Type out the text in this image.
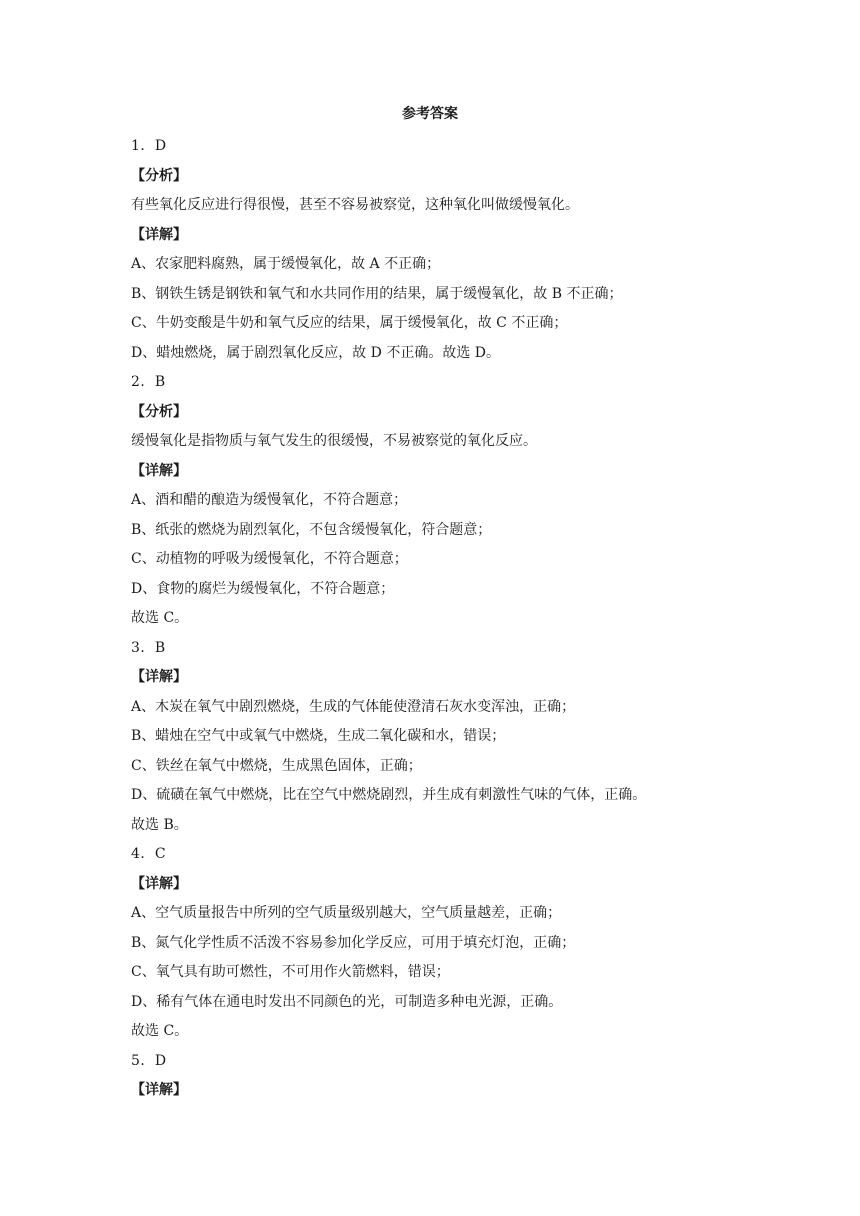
参考答案
1．D
【分析】
有些氧化反应进行得很慢，甚至不容易被察觉，这种氧化叫做缓慢氧化。
【详解】
A、农家肥料腐熟，属于缓慢氧化，故 A 不正确；
B、钢铁生锈是钢铁和氧气和水共同作用的结果，属于缓慢氧化，故 B 不正确；
C、牛奶变酸是牛奶和氧气反应的结果，属于缓慢氧化，故 C 不正确；
D、蜡烛燃烧，属于剧烈氧化反应，故 D 不正确。故选 D。
2．B
【分析】
缓慢氧化是指物质与氧气发生的很缓慢，不易被察觉的氧化反应。
【详解】
A、酒和醋的酿造为缓慢氧化，不符合题意；
B、纸张的燃烧为剧烈氧化，不包含缓慢氧化，符合题意；
C、动植物的呼吸为缓慢氧化，不符合题意；
D、食物的腐烂为缓慢氧化，不符合题意；
故选 C。
3．B
【详解】
A、木炭在氧气中剧烈燃烧，生成的气体能使澄清石灰水变浑浊，正确；
B、蜡烛在空气中或氧气中燃烧，生成二氧化碳和水，错误；
C、铁丝在氧气中燃烧，生成黑色固体，正确；
D、硫磺在氧气中燃烧，比在空气中燃烧剧烈，并生成有刺激性气味的气体，正确。
故选 B。
4．C
【详解】
A、空气质量报告中所列的空气质量级别越大，空气质量越差，正确；
B、氮气化学性质不活泼不容易参加化学反应，可用于填充灯泡，正确；
C、氧气具有助可燃性，不可用作火箭燃料，错误；
D、稀有气体在通电时发出不同颜色的光，可制造多种电光源，正确。
故选 C。
5．D
【详解】
